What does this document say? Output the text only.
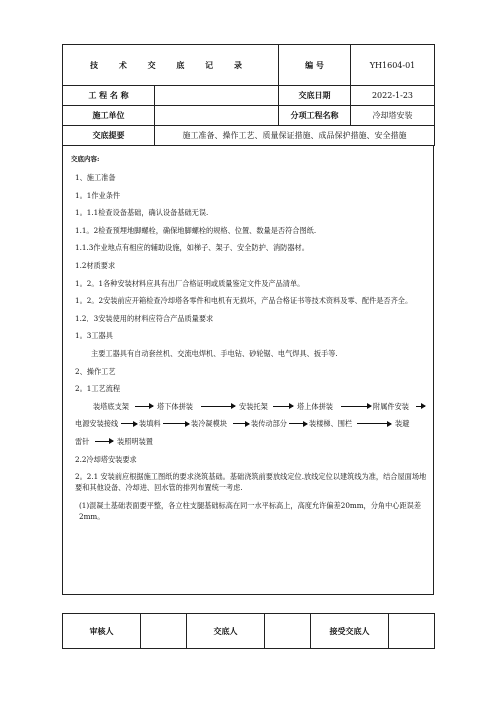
技 术 交 底 记 录		编 号	YH1604-01
工 程 名 称		交底日期	2022-1-23
施工单位		分项工程名称	冷却塔安装
交底提要	施工准备、操作工艺、质量保证措施、成品保护措施、安全措施		
交底内容:
1、施工准备
1。1作业条件
1。1.1检查设备基础，确认设备基础无误.
1.1。2检查预埋地脚螺栓，确保地脚螺栓的规格、位置、数量是否符合图纸.
1.1.3作业地点有相应的辅助设施，如梯子、架子、安全防护、消防器材。
1.2材质要求
1。2。1各种安装材料应具有出厂合格证明或质量鉴定文件及产品清单。
1。2。2安装前应开箱检查冷却塔各零件和电机有无损坏，产品合格证书等技术资料及零、配件是否齐全。
1.2．3安装使用的材料应符合产品质量要求
1。3工器具
主要工器具有自动套丝机、交流电焊机、手电钻、砂轮锯、电气焊具、扳手等.
2、操作工艺
2。1工艺流程
装塔底支架	塔下体拼装	安装托架	塔上体拼装	附属件安装
电源安装接线	装填料	装冷凝模块	装传动部分	装楼梯、围栏	装避
雷针	装照明装置
2.2冷却塔安装要求
2。2.1 安装前应根据施工图纸的要求浇筑基础。基础浇筑前要放线定位.放线定位以建筑线为准，结合屋面场地要和其他设备、冷却进、回水管的排列布置统一考虑.
(1)混凝土基础表面要平整，各立柱支腿基础标高在同一水平标高上，高度允许偏差20mm，分角中心距误差 2mm。
审核人		交底人		接受交底人	
